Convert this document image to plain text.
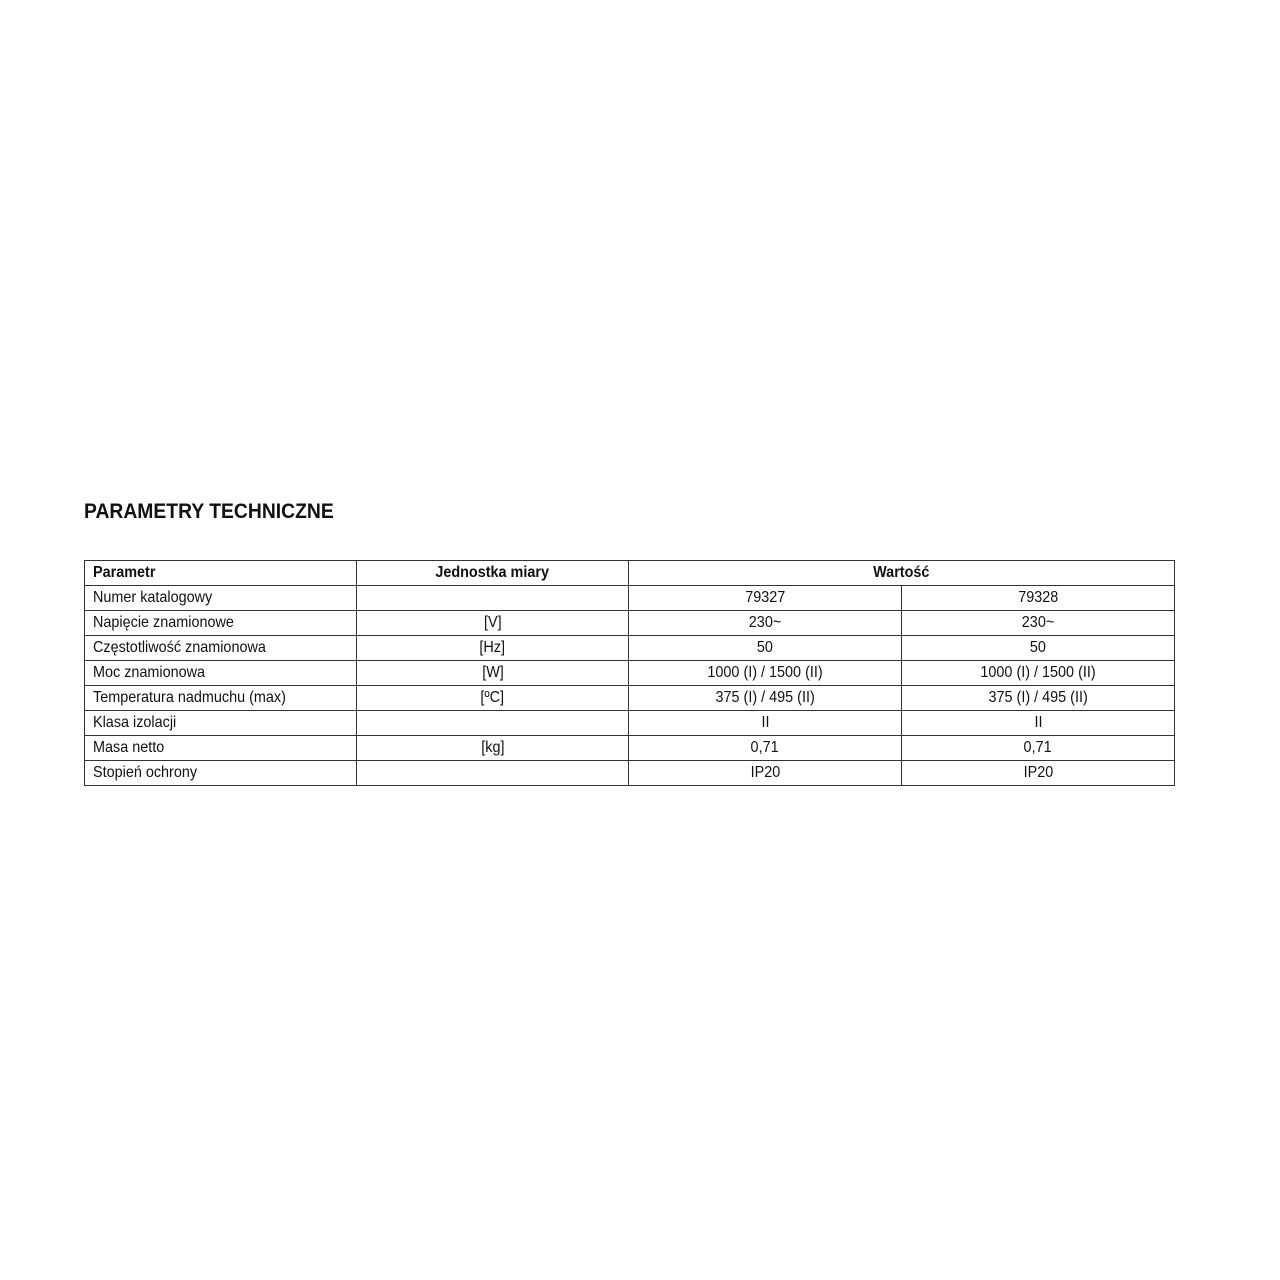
PARAMETRY TECHNICZNE
Parametr	Jednostka miary	Wartość	
Numer katalogowy		79327	79328
Napięcie znamionowe	[V]	230~	230~
Częstotliwość znamionowa	[Hz]	50	50
Moc znamionowa	[W]	1000 (I) / 1500 (II)	1000 (I) / 1500 (II)
Temperatura nadmuchu (max)	[ºC]	375 (I) / 495 (II)	375 (I) / 495 (II)
Klasa izolacji		II	II
Masa netto	[kg]	0,71	0,71
Stopień ochrony		IP20	IP20
